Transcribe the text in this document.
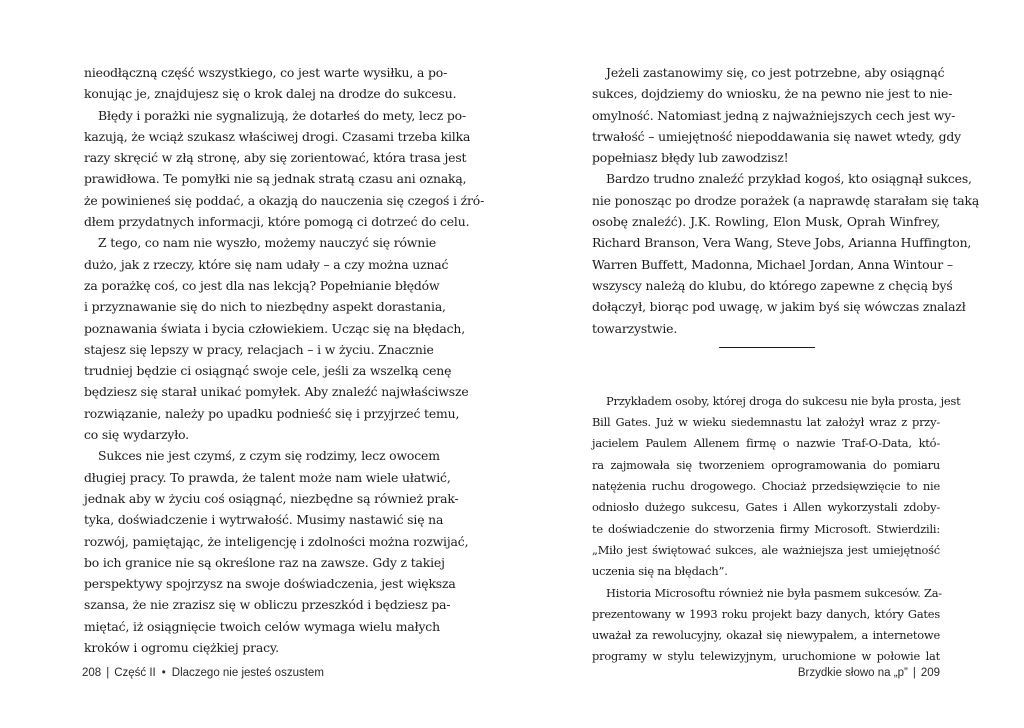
nieodłączną część wszystkiego, co jest warte wysiłku, a po-
konując je, znajdujesz się o krok dalej na drodze do sukcesu.
Błędy i porażki nie sygnalizują, że dotarłeś do mety, lecz po-
kazują, że wciąż szukasz właściwej drogi. Czasami trzeba kilka
razy skręcić w złą stronę, aby się zorientować, która trasa jest
prawidłowa. Te pomyłki nie są jednak stratą czasu ani oznaką,
że powinieneś się poddać, a okazją do nauczenia się czegoś i źró-
dłem przydatnych informacji, które pomogą ci dotrzeć do celu.
Z tego, co nam nie wyszło, możemy nauczyć się równie
dużo, jak z rzeczy, które się nam udały – a czy można uznać
za porażkę coś, co jest dla nas lekcją? Popełnianie błędów
i przyznawanie się do nich to niezbędny aspekt dorastania,
poznawania świata i bycia człowiekiem. Ucząc się na błędach,
stajesz się lepszy w pracy, relacjach – i w życiu. Znacznie
trudniej będzie ci osiągnąć swoje cele, jeśli za wszelką cenę
będziesz się starał unikać pomyłek. Aby znaleźć najwłaściwsze
rozwiązanie, należy po upadku podnieść się i przyjrzeć temu,
co się wydarzyło.
Sukces nie jest czymś, z czym się rodzimy, lecz owocem
długiej pracy. To prawda, że talent może nam wiele ułatwić,
jednak aby w życiu coś osiągnąć, niezbędne są również prak-
tyka, doświadczenie i wytrwałość. Musimy nastawić się na
rozwój, pamiętając, że inteligencję i zdolności można rozwijać,
bo ich granice nie są określone raz na zawsze. Gdy z takiej
perspektywy spojrzysz na swoje doświadczenia, jest większa
szansa, że nie zrazisz się w obliczu przeszkód i będziesz pa-
miętać, iż osiągnięcie twoich celów wymaga wielu małych
kroków i ogromu ciężkiej pracy.
Jeżeli zastanowimy się, co jest potrzebne, aby osiągnąć
sukces, dojdziemy do wniosku, że na pewno nie jest to nie-
omylność. Natomiast jedną z najważniejszych cech jest wy-
trwałość – umiejętność niepoddawania się nawet wtedy, gdy
popełniasz błędy lub zawodzisz!
Bardzo trudno znaleźć przykład kogoś, kto osiągnął sukces,
nie ponosząc po drodze porażek (a naprawdę starałam się taką
osobę znaleźć). J.K. Rowling, Elon Musk, Oprah Winfrey,
Richard Branson, Vera Wang, Steve Jobs, Arianna Huffington,
Warren Buffett, Madonna, Michael Jordan, Anna Wintour –
wszyscy należą do klubu, do którego zapewne z chęcią byś
dołączył, biorąc pod uwagę, w jakim byś się wówczas znalazł
towarzystwie.
Przykładem osoby, której droga do sukcesu nie była prosta, jest
Bill Gates. Już w wieku siedemnastu lat założył wraz z przy-
jacielem Paulem Allenem firmę o nazwie Traf-O-Data, któ-
ra zajmowała się tworzeniem oprogramowania do pomiaru
natężenia ruchu drogowego. Chociaż przedsięwzięcie to nie
odniosło dużego sukcesu, Gates i Allen wykorzystali zdoby-
te doświadczenie do stworzenia firmy Microsoft. Stwierdzili:
„Miło jest świętować sukces, ale ważniejsza jest umiejętność
uczenia się na błędach”.
Historia Microsoftu również nie była pasmem sukcesów. Za-
prezentowany w 1993 roku projekt bazy danych, który Gates
uważał za rewolucyjny, okazał się niewypałem, a internetowe
programy w stylu telewizyjnym, uruchomione w połowie lat
208 | Część II • Dlaczego nie jesteś oszustem	Brzydkie słowo na „p” | 209
